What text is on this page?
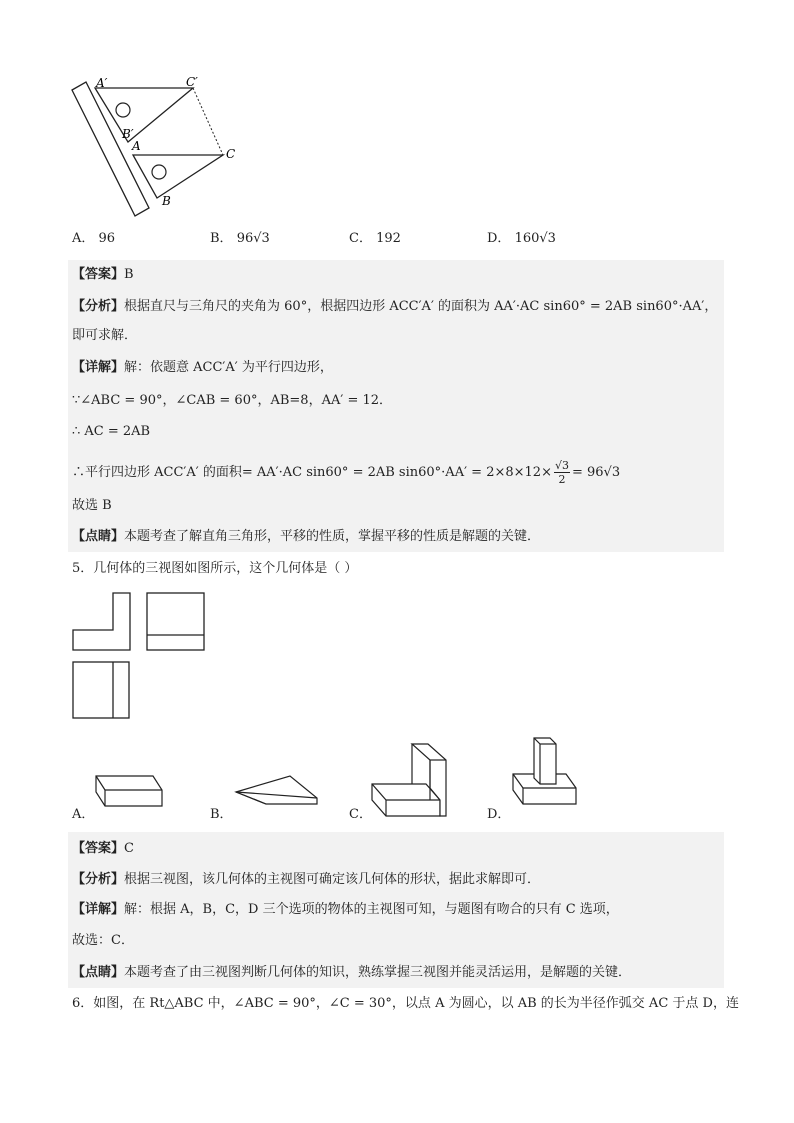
A′	C′
B′
A
C
B
A． 96	B． 96√3	C． 192	D． 160√3
【答案】B
【分析】根据直尺与三角尺的夹角为 60°，根据四边形 ACC′A′ 的面积为 AA′·AC sin60° = 2AB sin60°·AA′，
即可求解．
【详解】解：依题意 ACC′A′ 为平行四边形，
∵∠ABC = 90°，∠CAB = 60°，AB=8，AA′ = 12．
∴ AC = 2AB
∴平行四边形 ACC′A′ 的面积= AA′·AC sin60° = 2AB $\sin 60^\circ\cdot AA' = 2\times 8\times 12\times \frac{√3}{2} = 96√3$
故选 B
【点睛】本题考查了解直角三角形，平移的性质，掌握平移的性质是解题的关键．
5．几何体的三视图如图所示，这个几何体是（ ）
A．	B．	C．	D．
【答案】C
【分析】根据三视图，该几何体的主视图可确定该几何体的形状，据此求解即可．
【详解】解：根据 A，B，C，D 三个选项的物体的主视图可知，与题图有吻合的只有 C 选项，
故选：C．
【点睛】本题考查了由三视图判断几何体的知识，熟练掌握三视图并能灵活运用，是解题的关键．
6．如图，在 Rt△ABC 中，∠ABC = 90°，∠C = 30°，以点 A 为圆心，以 AB 的长为半径作弧交 AC 于点 D，连
